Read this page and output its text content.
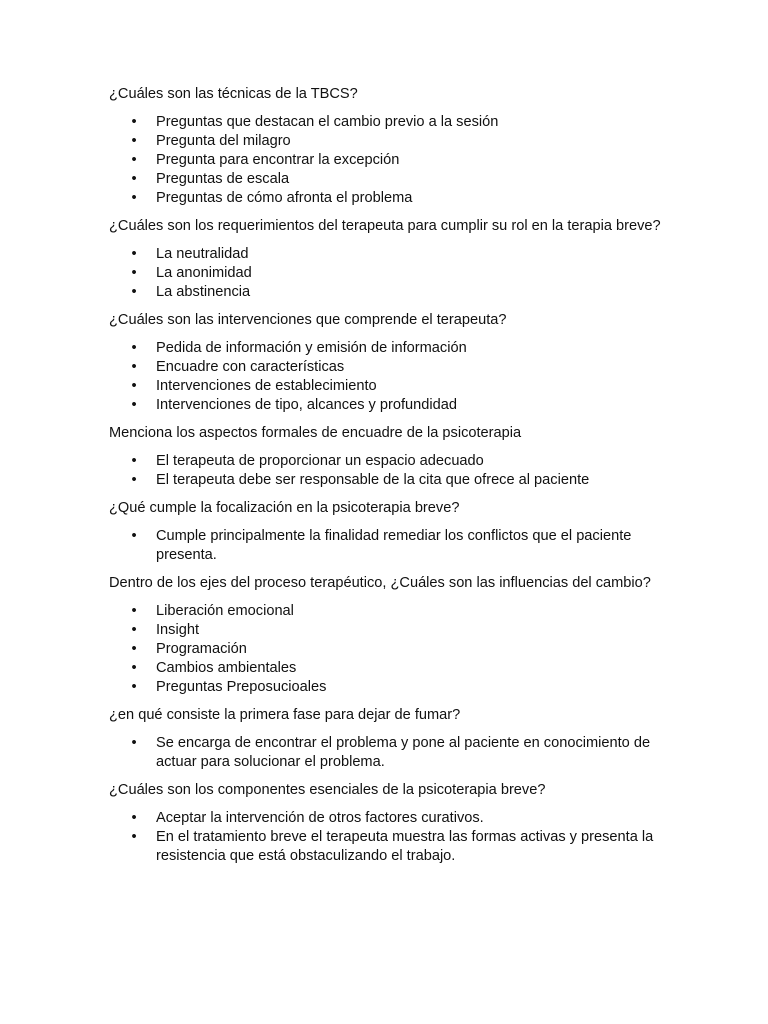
¿Cuáles son las técnicas de la TBCS?

• Preguntas que destacan el cambio previo a la sesión
• Pregunta del milagro
• Pregunta para encontrar la excepción
• Preguntas de escala
• Preguntas de cómo afronta el problema

¿Cuáles son los requerimientos del terapeuta para cumplir su rol en la terapia breve?

• La neutralidad
• La anonimidad
• La abstinencia

¿Cuáles son las intervenciones que comprende el terapeuta?

• Pedida de información y emisión de información
• Encuadre con características
• Intervenciones de establecimiento
• Intervenciones de tipo, alcances y profundidad

Menciona los aspectos formales de encuadre de la psicoterapia

• El terapeuta de proporcionar un espacio adecuado
• El terapeuta debe ser responsable de la cita que ofrece al paciente

¿Qué cumple la focalización en la psicoterapia breve?

• Cumple principalmente la finalidad remediar los conflictos que el paciente presenta.

Dentro de los ejes del proceso terapéutico, ¿Cuáles son las influencias del cambio?

• Liberación emocional
• Insight
• Programación
• Cambios ambientales
• Preguntas Preposucioales

¿en qué consiste la primera fase para dejar de fumar?

• Se encarga de encontrar el problema y pone al paciente en conocimiento de actuar para solucionar el problema.

¿Cuáles son los componentes esenciales de la psicoterapia breve?

• Aceptar la intervención de otros factores curativos.
• En el tratamiento breve el terapeuta muestra las formas activas y presenta la resistencia que está obstaculizando el trabajo.
